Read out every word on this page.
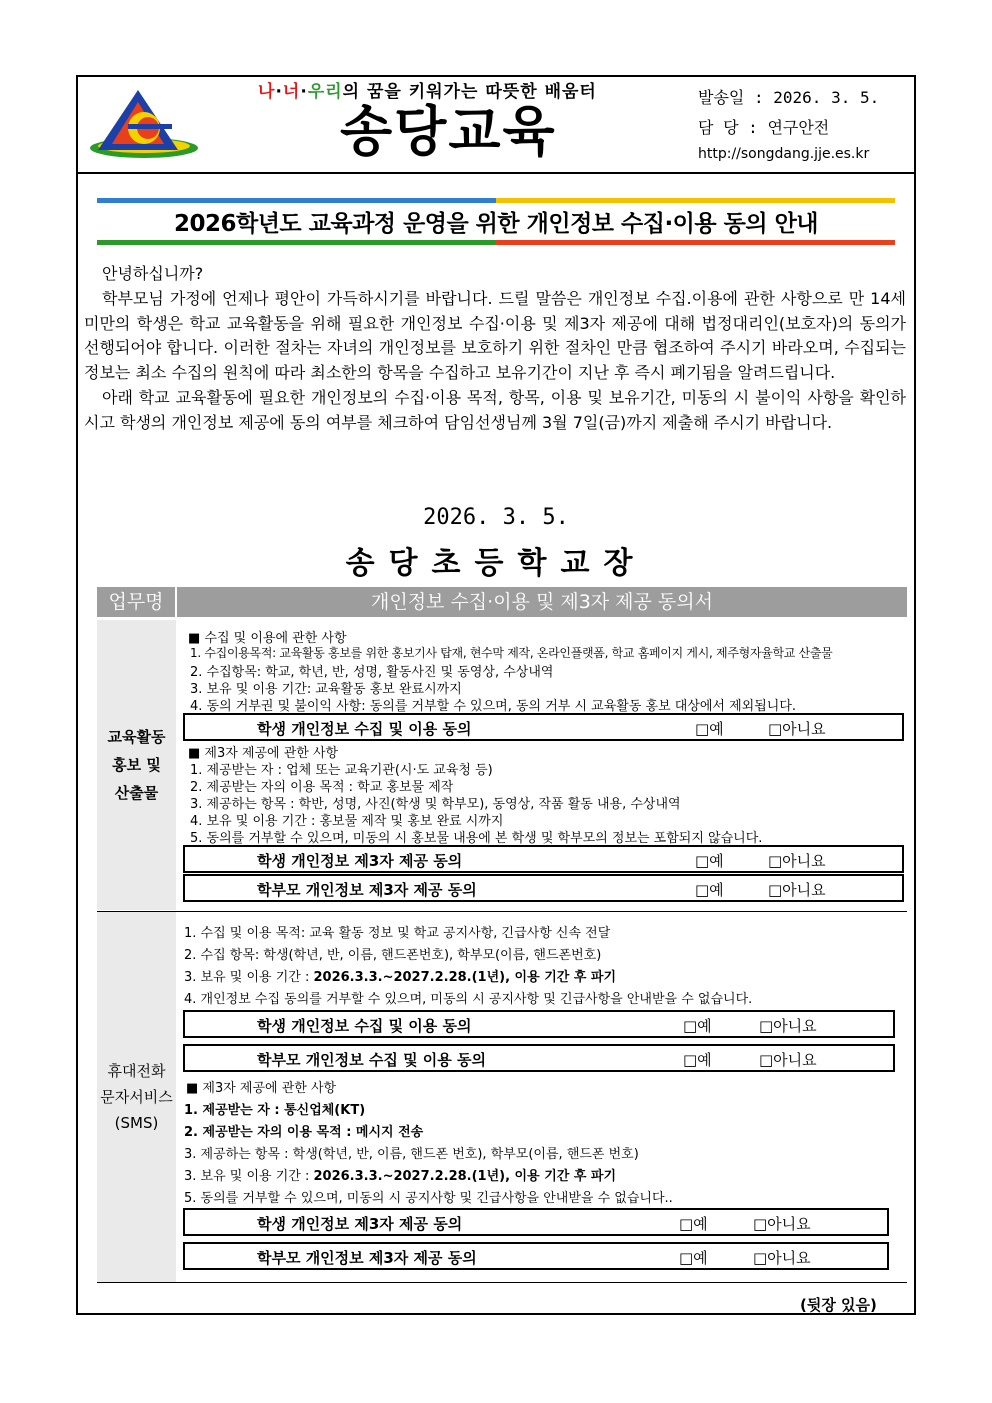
나·너·우리의 꿈을 키워가는 따뜻한 배움터
송당교육
발송일 : 2026. 3. 5.
담 당 : 연구안전
http://songdang.jje.es.kr
2026학년도 교육과정 운영을 위한 개인정보 수집·이용 동의 안내

안녕하십니까?

학부모님 가정에 언제나 평안이 가득하시기를 바랍니다. 드릴 말씀은 개인정보 수집.이용에 관한 사항으로 만 14세 미만의 학생은 학교 교육활동을 위해 필요한 개인정보 수집·이용 및 제3자 제공에 대해 법정대리인(보호자)의 동의가 선행되어야 합니다. 이러한 절차는 자녀의 개인정보를 보호하기 위한 절차인 만큼 협조하여 주시기 바라오며, 수집되는 정보는 최소 수집의 원칙에 따라 최소한의 항목을 수집하고 보유기간이 지난 후 즉시 폐기됨을 알려드립니다.

아래 학교 교육활동에 필요한 개인정보의 수집·이용 목적, 항목, 이용 및 보유기간, 미동의 시 불이익 사항을 확인하시고 학생의 개인정보 제공에 동의 여부를 체크하여 담임선생님께 3월 7일(금)까지 제출해 주시기 바랍니다.

2026. 3. 5.
송당초등학교장
업무명	개인정보 수집·이용 및 제3자 제공 동의서
교육활동
홍보 및
산출물
■ 수집 및 이용에 관한 사항
1. 수집이용목적: 교육활동 홍보를 위한 홍보기사 탑재, 현수막 제작, 온라인플랫폼, 학교 홈페이지 게시, 제주형자율학교 산출물
2. 수집항목: 학교, 학년, 반, 성명, 활동사진 및 동영상, 수상내역
3. 보유 및 이용 기간: 교육활동 홍보 완료시까지
4. 동의 거부권 및 불이익 사항: 동의를 거부할 수 있으며, 동의 거부 시 교육활동 홍보 대상에서 제외됩니다.
학생 개인정보 수집 및 이용 동의	□예	□아니요
■ 제3자 제공에 관한 사항
1. 제공받는 자 : 업체 또는 교육기관(시·도 교육청 등)
2. 제공받는 자의 이용 목적 : 학교 홍보물 제작
3. 제공하는 항목 : 학반, 성명, 사진(학생 및 학부모), 동영상, 작품 활동 내용, 수상내역
4. 보유 및 이용 기간 : 홍보물 제작 및 홍보 완료 시까지
5. 동의를 거부할 수 있으며, 미동의 시 홍보물 내용에 본 학생 및 학부모의 정보는 포함되지 않습니다.
학생 개인정보 제3자 제공 동의	□예	□아니요
학부모 개인정보 제3자 제공 동의	□예	□아니요
휴대전화
문자서비스
(SMS)
1. 수집 및 이용 목적: 교육 활동 정보 및 학교 공지사항, 긴급사항 신속 전달
2. 수집 항목: 학생(학년, 반, 이름, 핸드폰번호), 학부모(이름, 핸드폰번호)
3. 보유 및 이용 기간 : 2026.3.3.~2027.2.28.(1년), 이용 기간 후 파기
4. 개인정보 수집 동의를 거부할 수 있으며, 미동의 시 공지사항 및 긴급사항을 안내받을 수 없습니다.
학생 개인정보 수집 및 이용 동의	□예	□아니요
학부모 개인정보 수집 및 이용 동의	□예	□아니요
■ 제3자 제공에 관한 사항
1. 제공받는 자 : 통신업체(KT)
2. 제공받는 자의 이용 목적 : 메시지 전송
3. 제공하는 항목 : 학생(학년, 반, 이름, 핸드폰 번호), 학부모(이름, 핸드폰 번호)
3. 보유 및 이용 기간 : 2026.3.3.~2027.2.28.(1년), 이용 기간 후 파기
5. 동의를 거부할 수 있으며, 미동의 시 공지사항 및 긴급사항을 안내받을 수 없습니다..
학생 개인정보 제3자 제공 동의	□예	□아니요
학부모 개인정보 제3자 제공 동의	□예	□아니요
(뒷장 있음)
